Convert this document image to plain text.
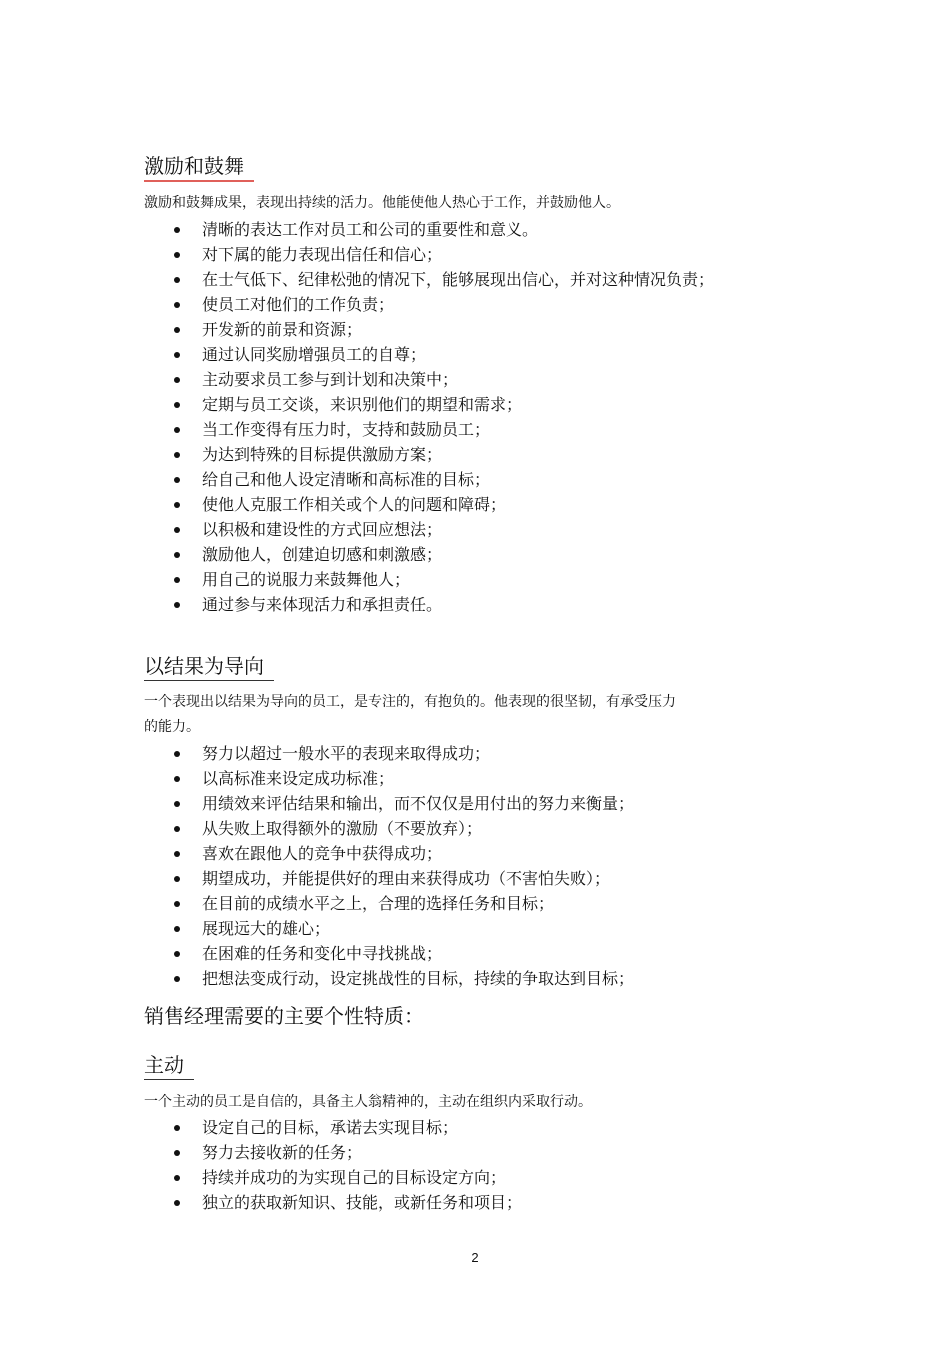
激励和鼓舞
激励和鼓舞成果，表现出持续的活力。他能使他人热心于工作，并鼓励他人。
清晰的表达工作对员工和公司的重要性和意义。
对下属的能力表现出信任和信心；
在士气低下、纪律松弛的情况下，能够展现出信心，并对这种情况负责；
使员工对他们的工作负责；
开发新的前景和资源；
通过认同奖励增强员工的自尊；
主动要求员工参与到计划和决策中；
定期与员工交谈，来识别他们的期望和需求；
当工作变得有压力时，支持和鼓励员工；
为达到特殊的目标提供激励方案；
给自己和他人设定清晰和高标准的目标；
使他人克服工作相关或个人的问题和障碍；
以积极和建设性的方式回应想法；
激励他人，创建迫切感和刺激感；
用自己的说服力来鼓舞他人；
通过参与来体现活力和承担责任。
以结果为导向
一个表现出以结果为导向的员工，是专注的，有抱负的。他表现的很坚韧，有承受压力
的能力。
努力以超过一般水平的表现来取得成功；
以高标准来设定成功标准；
用绩效来评估结果和输出，而不仅仅是用付出的努力来衡量；
从失败上取得额外的激励（不要放弃）；
喜欢在跟他人的竞争中获得成功；
期望成功，并能提供好的理由来获得成功（不害怕失败）；
在目前的成绩水平之上，合理的选择任务和目标；
展现远大的雄心；
在困难的任务和变化中寻找挑战；
把想法变成行动，设定挑战性的目标，持续的争取达到目标；
销售经理需要的主要个性特质：
主动
一个主动的员工是自信的，具备主人翁精神的，主动在组织内采取行动。
设定自己的目标，承诺去实现目标；
努力去接收新的任务；
持续并成功的为实现自己的目标设定方向；
独立的获取新知识、技能，或新任务和项目；
2
